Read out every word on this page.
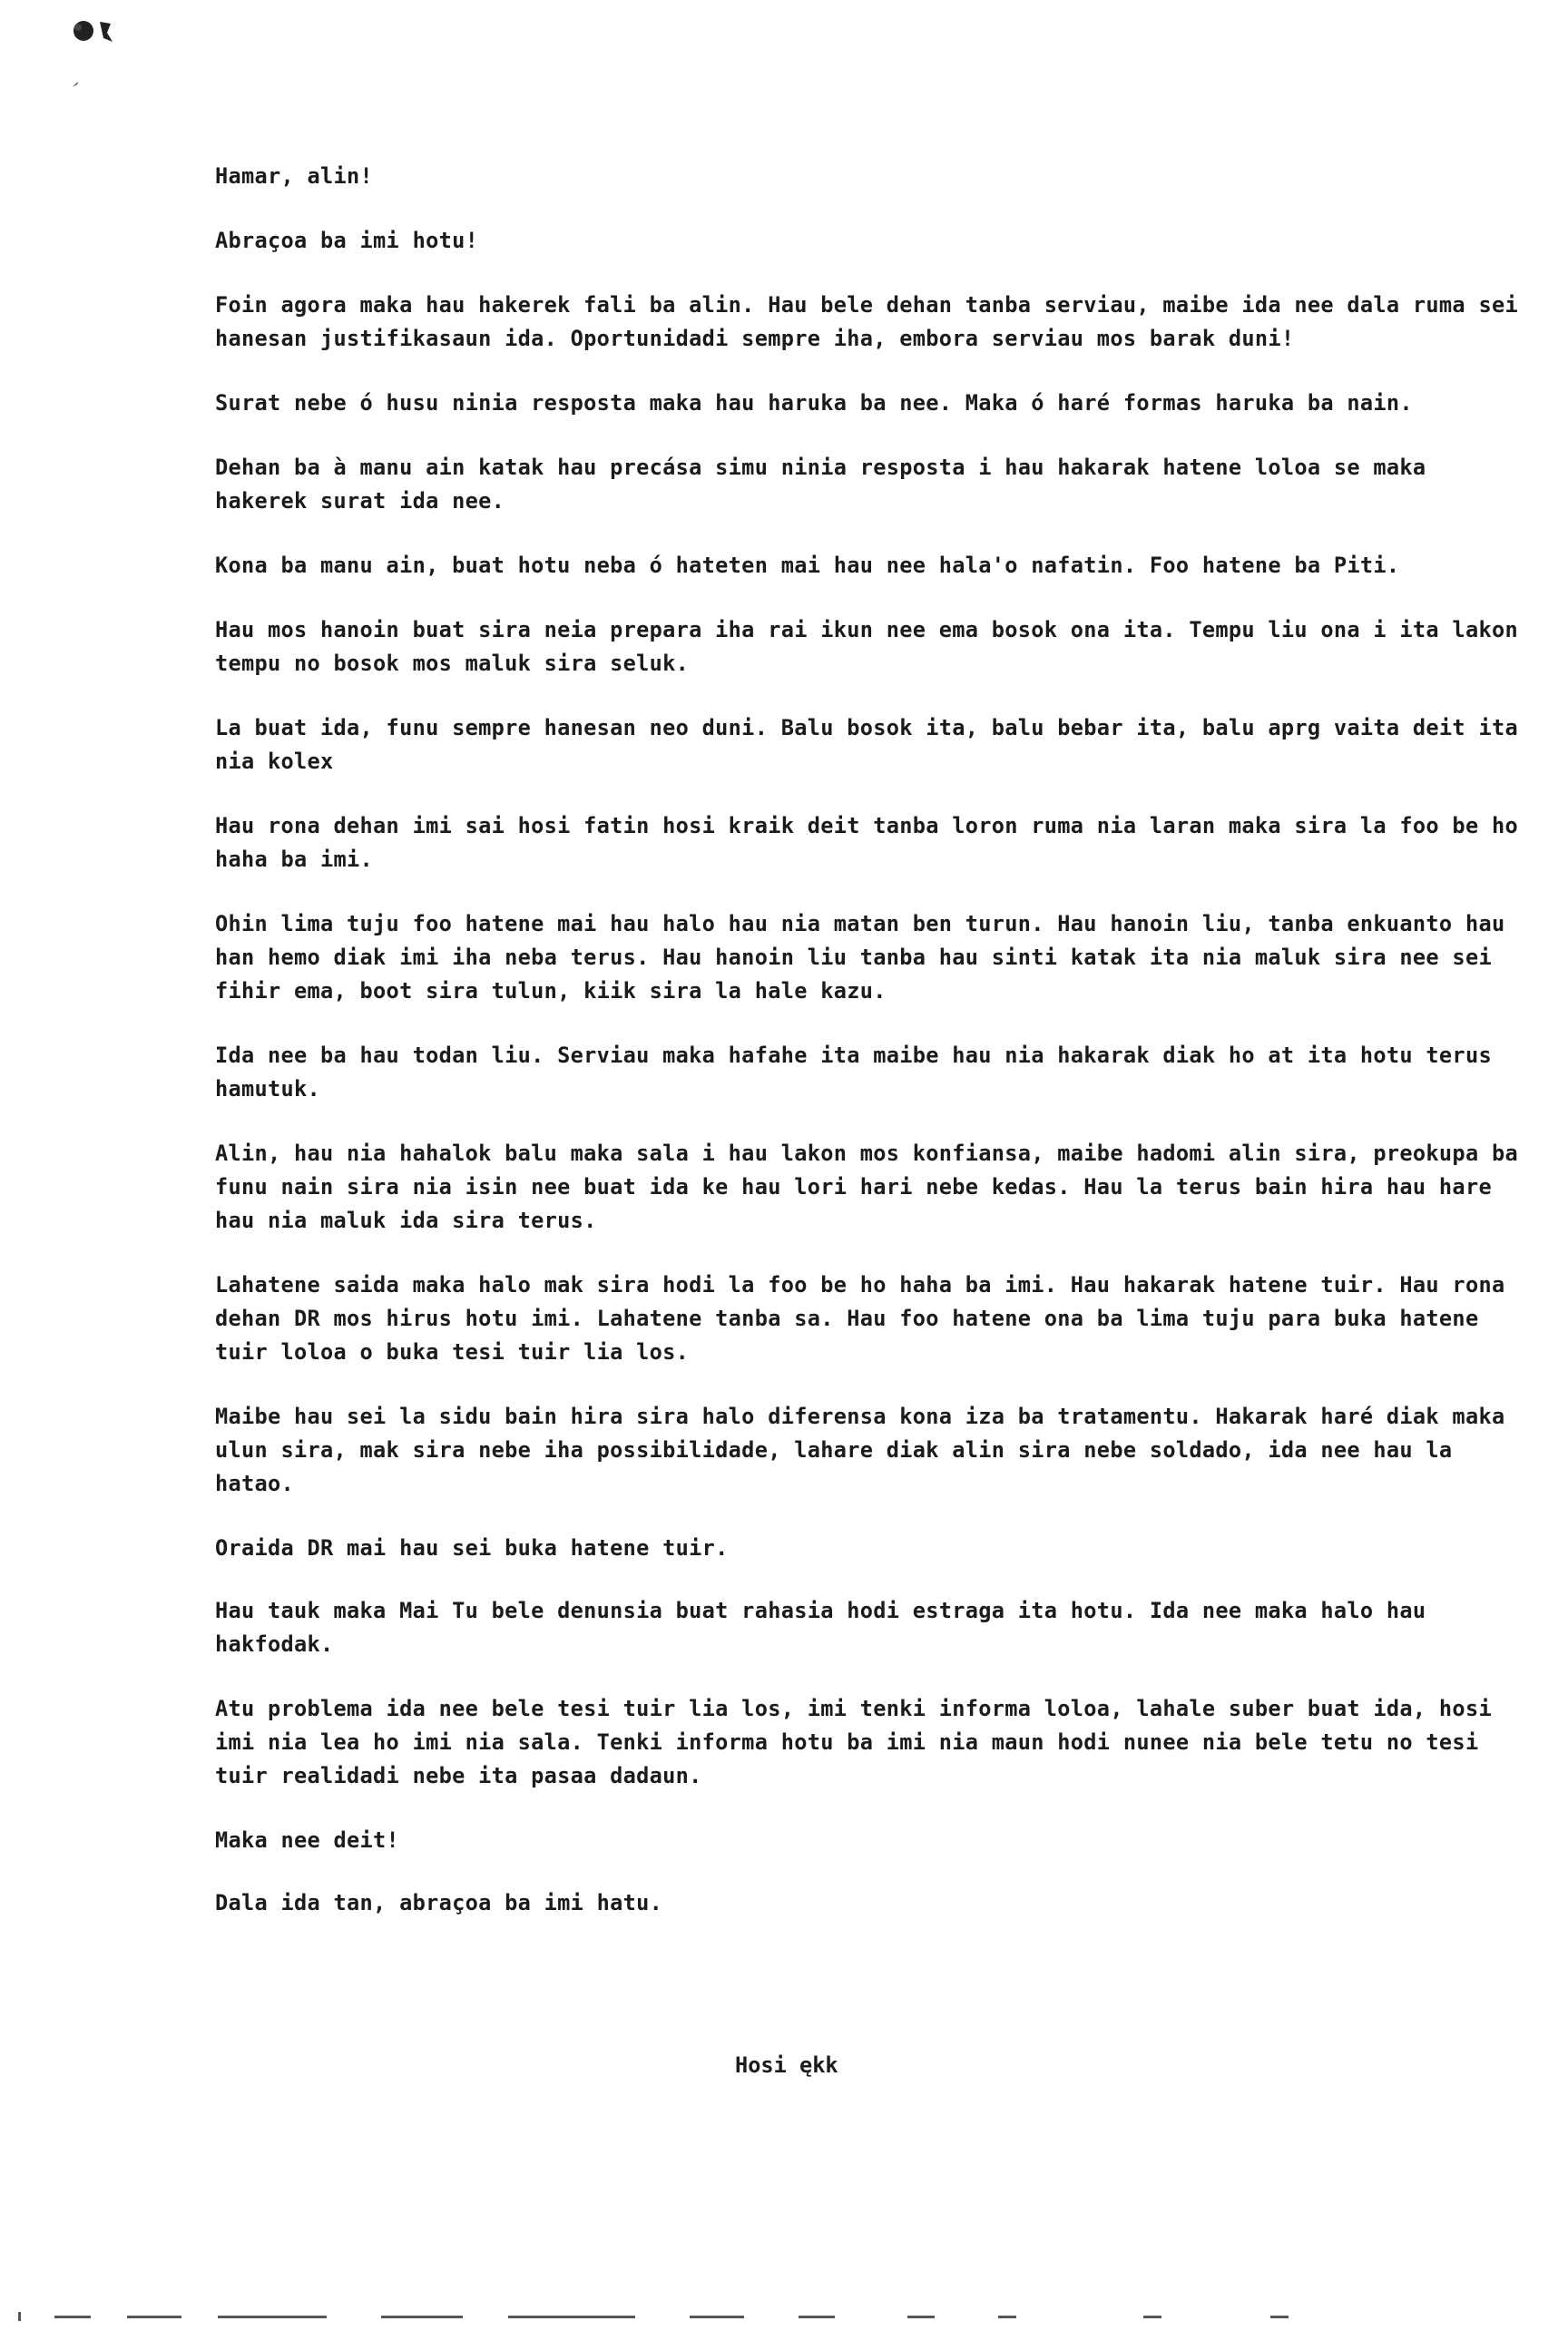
Hamar, alin!

Abraçoa ba imi hotu!

Foin agora maka hau hakerek fali ba alin. Hau bele dehan tanba serviau, maibe ida nee dala ruma sei hanesan justifikasaun ida. Oportunidadi sempre iha, embora serviau mos barak duni!

Surat nebe ó husu ninia resposta maka hau haruka ba nee. Maka ó haré formas haruka ba nain.

Dehan ba à manu ain katak hau precása simu ninia resposta i hau hakarak hatene loloa se maka hakerek surat ida nee.

Kona ba manu ain, buat hotu neba ó hateten mai hau nee hala'o nafatin. Foo hatene ba Piti.

Hau mos hanoin buat sira neia prepara iha rai ikun nee ema bosok ona ita. Tempu liu ona i ita lakon tempu no bosok mos maluk sira seluk.

La buat ida, funu sempre hanesan neo duni. Balu bosok ita, balu bebar ita, balu aprg vaita deit ita nia kolex

Hau rona dehan imi sai hosi fatin hosi kraik deit tanba loron ruma nia laran maka sira la foo be ho haha ba imi.

Ohin lima tuju foo hatene mai hau halo hau nia matan ben turun. Hau hanoin liu, tanba enkuanto hau han hemo diak imi iha neba terus. Hau hanoin liu tanba hau sinti katak ita nia maluk sira nee sei fihir ema, boot sira tulun, kiik sira la hale kazu.

Ida nee ba hau todan liu. Serviau maka hafahe ita maibe hau nia hakarak diak ho at ita hotu terus hamutuk.

Alin, hau nia hahalok balu maka sala i hau lakon mos konfiansa, maibe hadomi alin sira, preokupa ba funu nain sira nia isin nee buat ida ke hau lori hari nebe kedas. Hau la terus bain hira hau hare hau nia maluk ida sira terus.

Lahatene saida maka halo mak sira hodi la foo be ho haha ba imi. Hau hakarak hatene tuir. Hau rona dehan DR mos hirus hotu imi. Lahatene tanba sa. Hau foo hatene ona ba lima tuju para buka hatene tuir loloa o buka tesi tuir lia los.

Maibe hau sei la sidu bain hira sira halo diferensa kona iza ba tratamentu. Hakarak haré diak maka ulun sira, mak sira nebe iha possibilidade, lahare diak alin sira nebe soldado, ida nee hau la hatao.

Oraida DR mai hau sei buka hatene tuir.

Hau tauk maka Mai Tu bele denunsia buat rahasia hodi estraga ita hotu. Ida nee maka halo hau hakfodak.

Atu problema ida nee bele tesi tuir lia los, imi tenki informa loloa, lahale suber buat ida, hosi imi nia lea ho imi nia sala. Tenki informa hotu ba imi nia maun hodi nunee nia bele tetu no tesi tuir realidadi nebe ita pasaa dadaun.

Maka nee deit!

Dala ida tan, abraçoa ba imi hatu.

Hosi ękk
